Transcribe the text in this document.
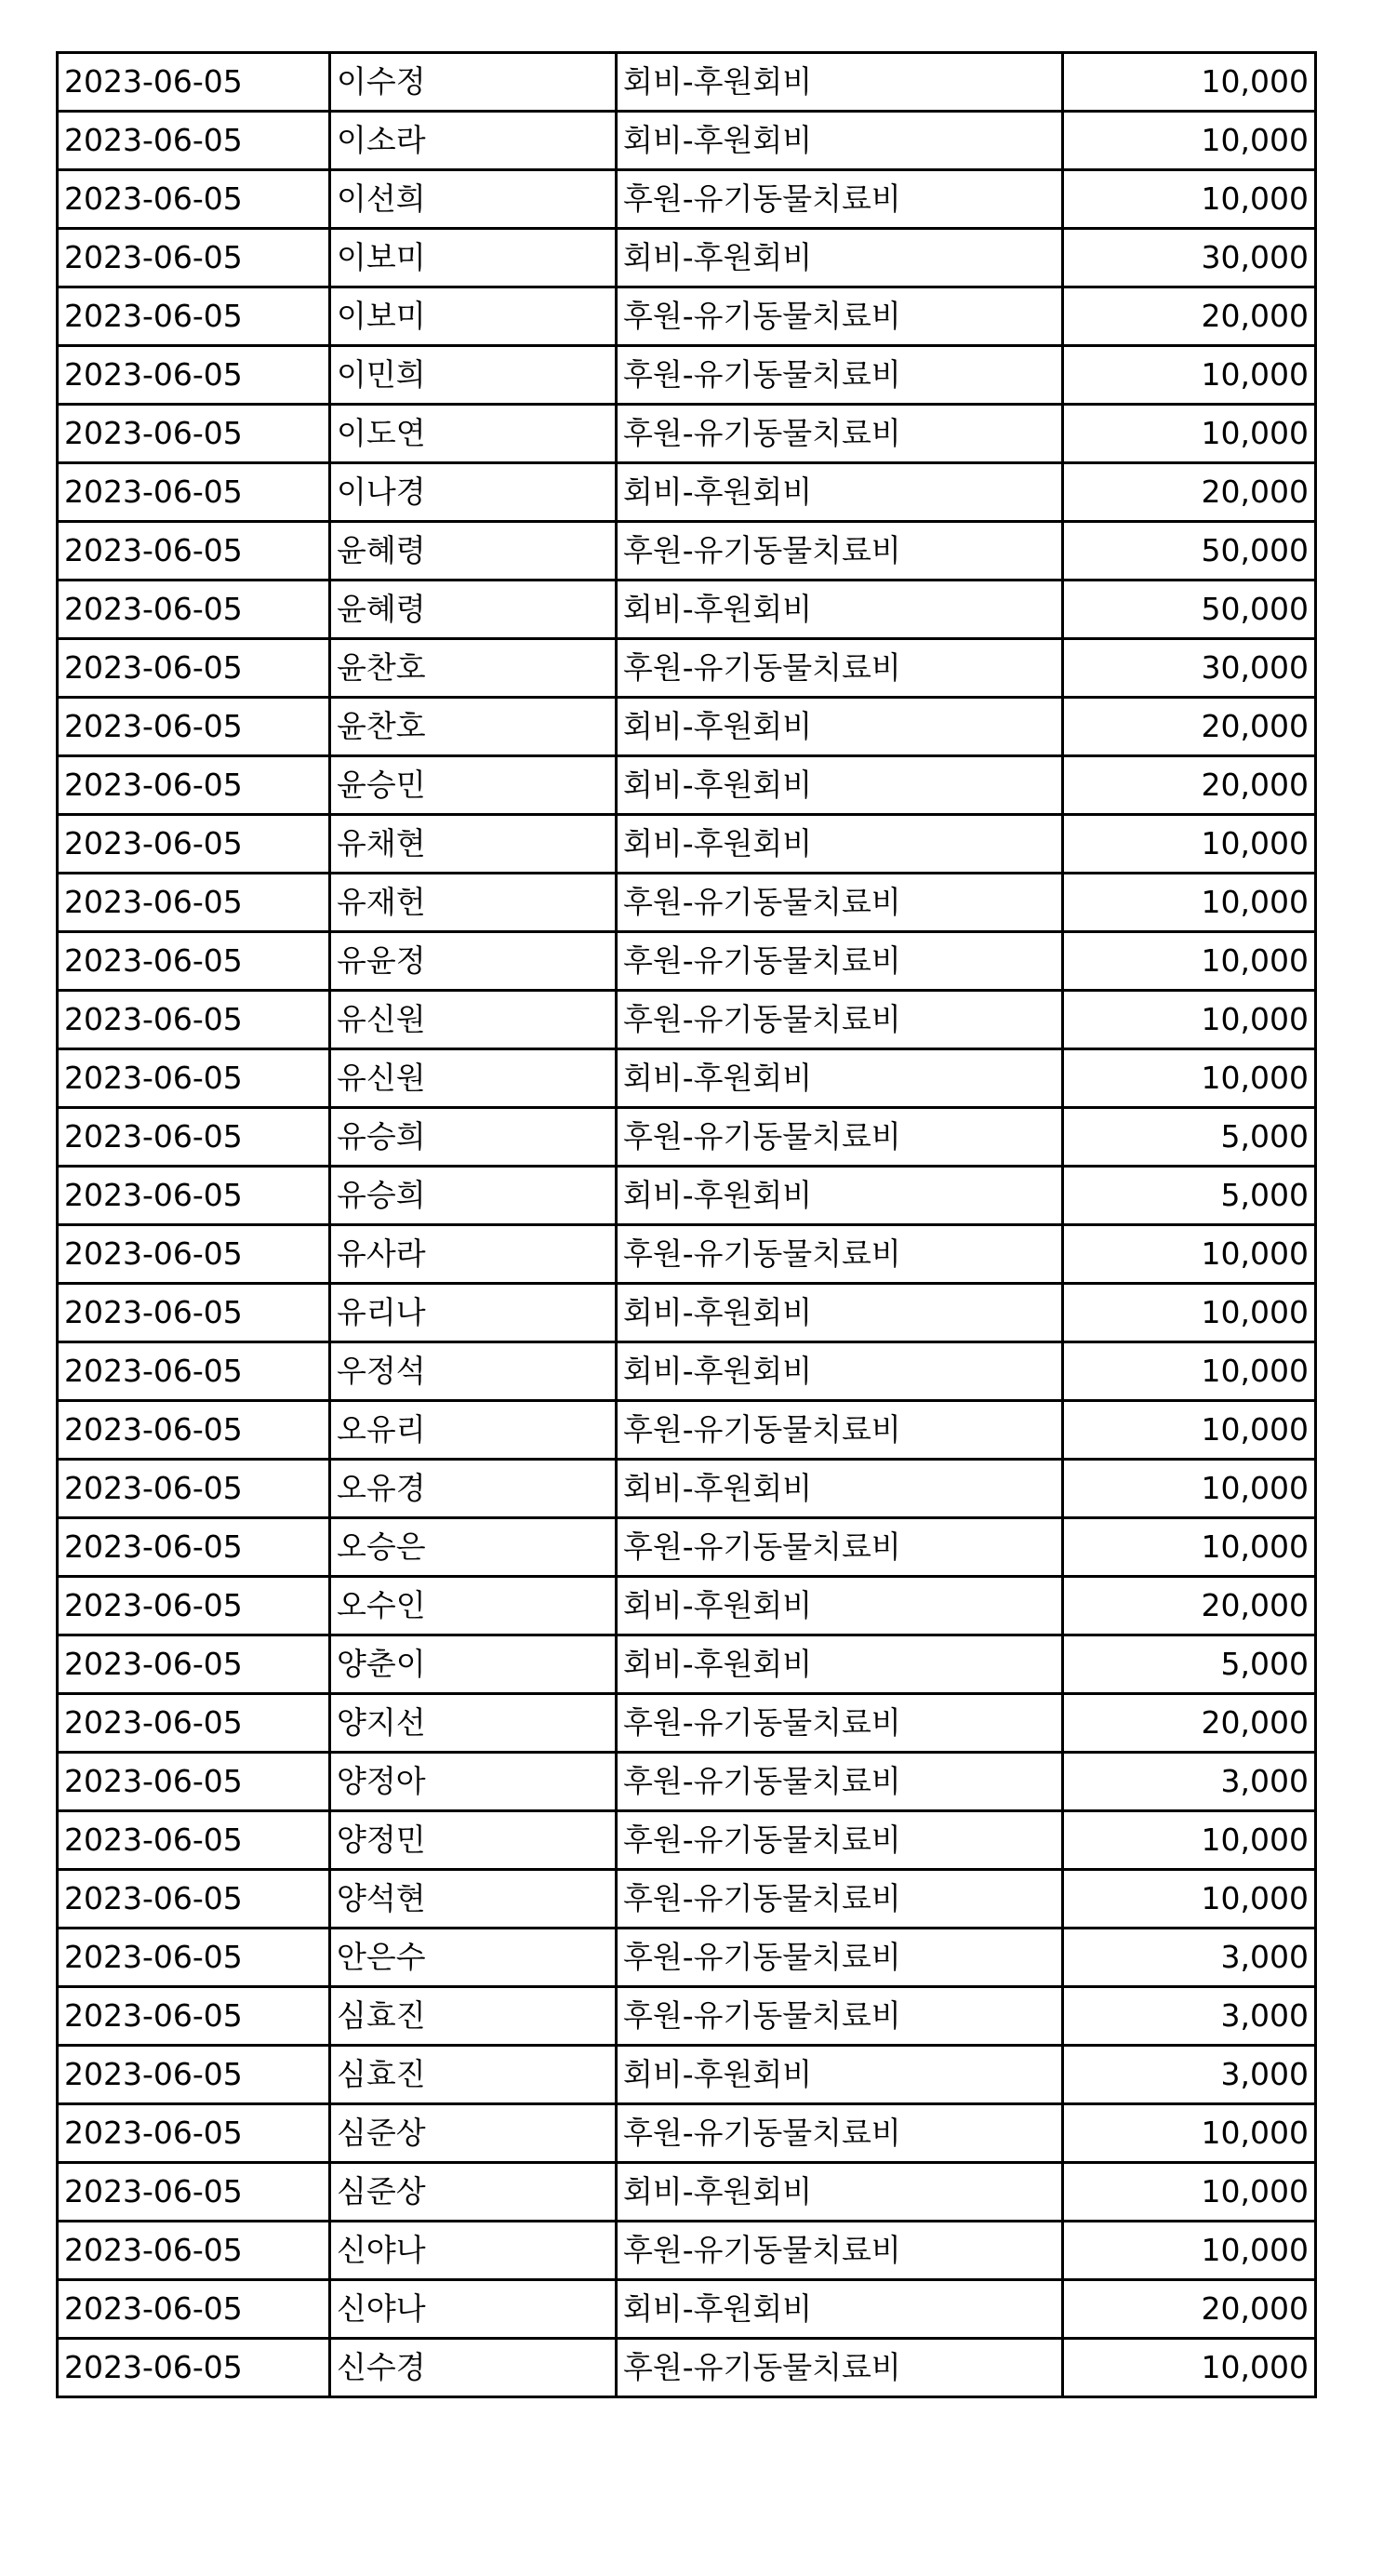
2023-06-05	이수정	회비-후원회비	10,000
2023-06-05	이소라	회비-후원회비	10,000
2023-06-05	이선희	후원-유기동물치료비	10,000
2023-06-05	이보미	회비-후원회비	30,000
2023-06-05	이보미	후원-유기동물치료비	20,000
2023-06-05	이민희	후원-유기동물치료비	10,000
2023-06-05	이도연	후원-유기동물치료비	10,000
2023-06-05	이나경	회비-후원회비	20,000
2023-06-05	윤혜령	후원-유기동물치료비	50,000
2023-06-05	윤혜령	회비-후원회비	50,000
2023-06-05	윤찬호	후원-유기동물치료비	30,000
2023-06-05	윤찬호	회비-후원회비	20,000
2023-06-05	윤승민	회비-후원회비	20,000
2023-06-05	유채현	회비-후원회비	10,000
2023-06-05	유재헌	후원-유기동물치료비	10,000
2023-06-05	유윤정	후원-유기동물치료비	10,000
2023-06-05	유신원	후원-유기동물치료비	10,000
2023-06-05	유신원	회비-후원회비	10,000
2023-06-05	유승희	후원-유기동물치료비	5,000
2023-06-05	유승희	회비-후원회비	5,000
2023-06-05	유사라	후원-유기동물치료비	10,000
2023-06-05	유리나	회비-후원회비	10,000
2023-06-05	우정석	회비-후원회비	10,000
2023-06-05	오유리	후원-유기동물치료비	10,000
2023-06-05	오유경	회비-후원회비	10,000
2023-06-05	오승은	후원-유기동물치료비	10,000
2023-06-05	오수인	회비-후원회비	20,000
2023-06-05	양춘이	회비-후원회비	5,000
2023-06-05	양지선	후원-유기동물치료비	20,000
2023-06-05	양정아	후원-유기동물치료비	3,000
2023-06-05	양정민	후원-유기동물치료비	10,000
2023-06-05	양석현	후원-유기동물치료비	10,000
2023-06-05	안은수	후원-유기동물치료비	3,000
2023-06-05	심효진	후원-유기동물치료비	3,000
2023-06-05	심효진	회비-후원회비	3,000
2023-06-05	심준상	후원-유기동물치료비	10,000
2023-06-05	심준상	회비-후원회비	10,000
2023-06-05	신야나	후원-유기동물치료비	10,000
2023-06-05	신야나	회비-후원회비	20,000
2023-06-05	신수경	후원-유기동물치료비	10,000
